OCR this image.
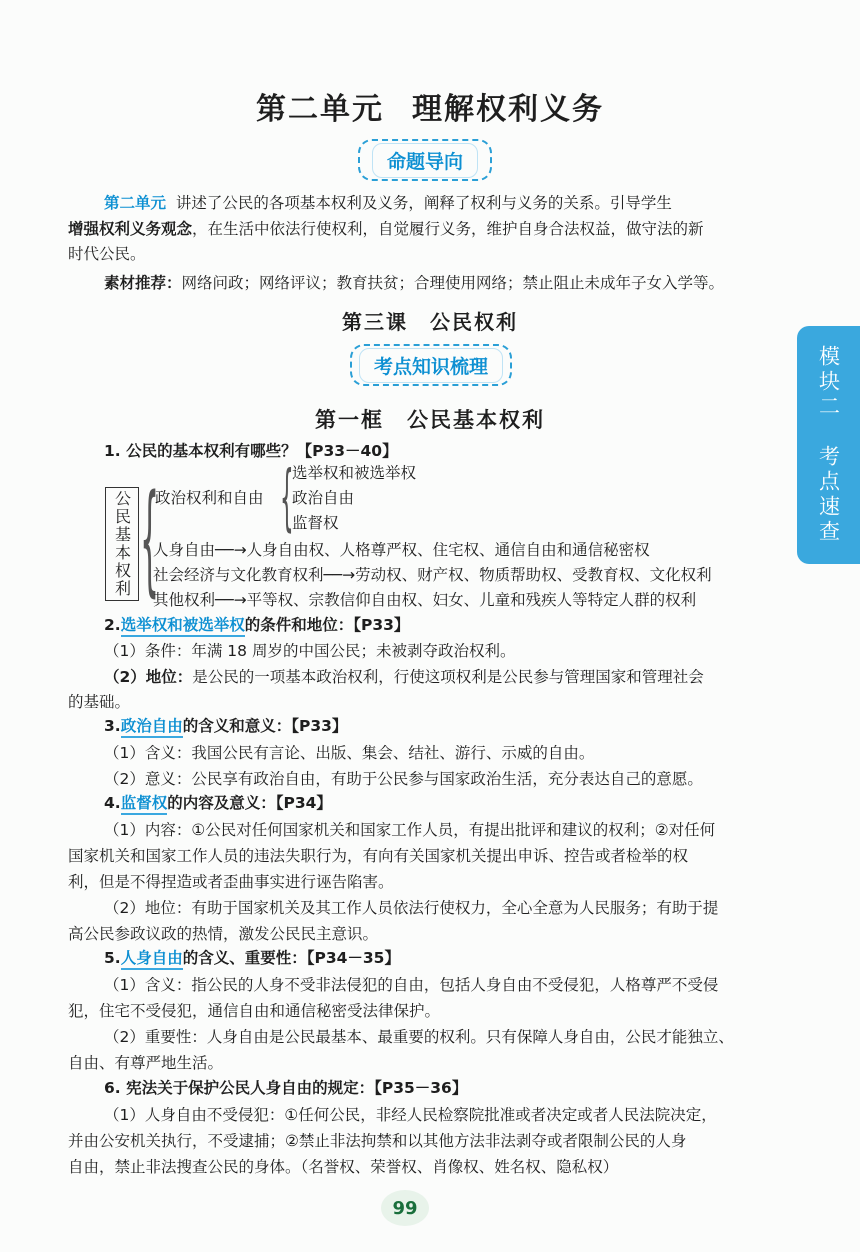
第二单元 理解权利义务
命题导向
第二单元 讲述了公民的各项基本权利及义务，阐释了权利与义务的关系。引导学生
增强权利义务观念，在生活中依法行使权利，自觉履行义务，维护自身合法权益，做守法的新
时代公民。
素材推荐：网络问政；网络评议；教育扶贫；合理使用网络；禁止阻止未成年子女入学等。
第三课　公民权利
考点知识梳理
第一框　公民基本权利
1. 公民的基本权利有哪些？【P33－40】
公民基本权利 {
政治权利和自由 {
选举权和被选举权
政治自由
监督权
人身自由──→人身自由权、人格尊严权、住宅权、通信自由和通信秘密权
社会经济与文化教育权利──→劳动权、财产权、物质帮助权、受教育权、文化权利
其他权利──→平等权、宗教信仰自由权、妇女、儿童和残疾人等特定人群的权利
2.选举权和被选举权的条件和地位：【P33】
（1）条件：年满 18 周岁的中国公民；未被剥夺政治权利。
（2）地位：是公民的一项基本政治权利，行使这项权利是公民参与管理国家和管理社会
的基础。
3.政治自由的含义和意义：【P33】
（1）含义：我国公民有言论、出版、集会、结社、游行、示威的自由。
（2）意义：公民享有政治自由，有助于公民参与国家政治生活，充分表达自己的意愿。
4.监督权的内容及意义：【P34】
（1）内容：①公民对任何国家机关和国家工作人员，有提出批评和建议的权利；②对任何
国家机关和国家工作人员的违法失职行为，有向有关国家机关提出申诉、控告或者检举的权
利，但是不得捏造或者歪曲事实进行诬告陷害。
（2）地位：有助于国家机关及其工作人员依法行使权力，全心全意为人民服务；有助于提
高公民参政议政的热情，激发公民民主意识。
5.人身自由的含义、重要性：【P34－35】
（1）含义：指公民的人身不受非法侵犯的自由，包括人身自由不受侵犯，人格尊严不受侵
犯，住宅不受侵犯，通信自由和通信秘密受法律保护。
（2）重要性：人身自由是公民最基本、最重要的权利。只有保障人身自由，公民才能独立、
自由、有尊严地生活。
6. 宪法关于保护公民人身自由的规定：【P35－36】
（1）人身自由不受侵犯：①任何公民，非经人民检察院批准或者决定或者人民法院决定，
并由公安机关执行，不受逮捕；②禁止非法拘禁和以其他方法非法剥夺或者限制公民的人身
自由，禁止非法搜查公民的身体。（名誉权、荣誉权、肖像权、姓名权、隐私权）
模块二　考点速查
99
